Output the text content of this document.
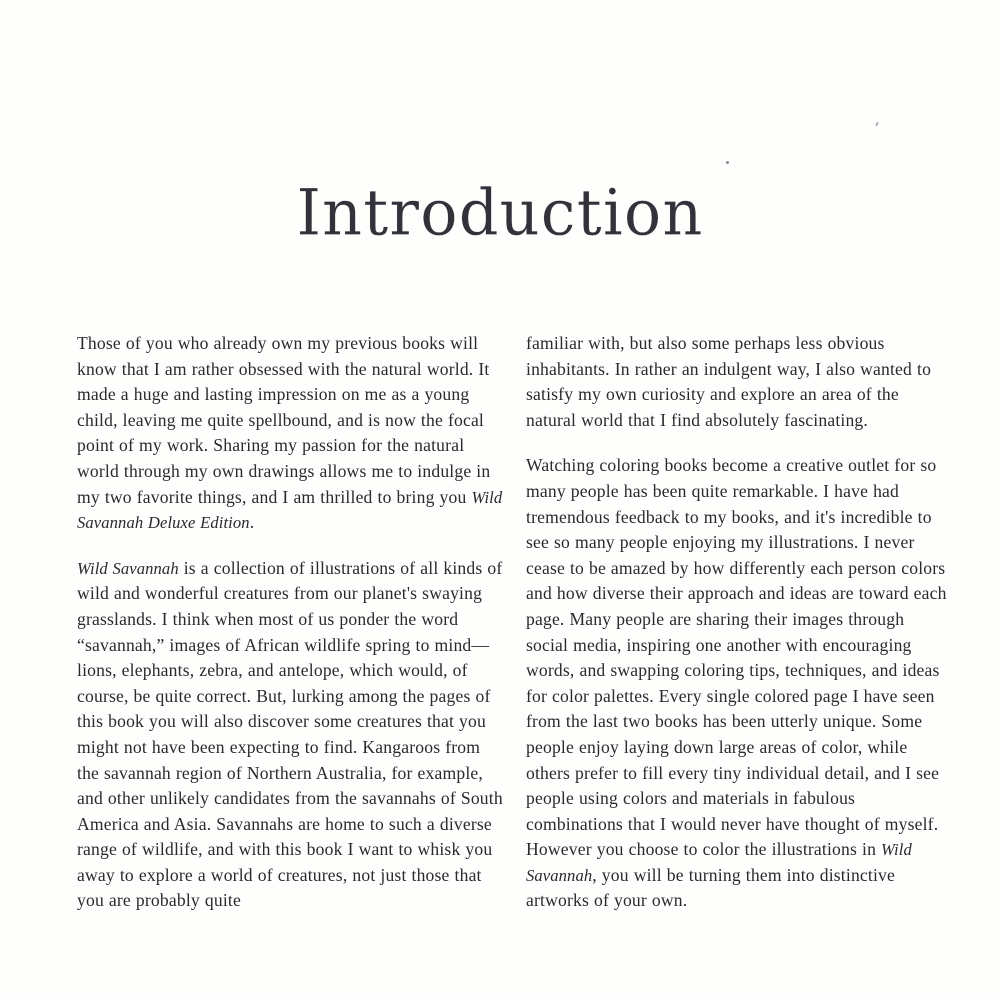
Introduction

Those of you who already own my previous books will know that I am rather obsessed with the natural world. It made a huge and lasting impression on me as a young child, leaving me quite spellbound, and is now the focal point of my work. Sharing my passion for the natural world through my own drawings allows me to indulge in my two favorite things, and I am thrilled to bring you Wild Savannah Deluxe Edition.

Wild Savannah is a collection of illustrations of all kinds of wild and wonderful creatures from our planet's swaying grasslands. I think when most of us ponder the word “savannah,” images of African wildlife spring to mind—lions, elephants, zebra, and antelope, which would, of course, be quite correct. But, lurking among the pages of this book you will also discover some creatures that you might not have been expecting to find. Kangaroos from the savannah region of Northern Australia, for example, and other unlikely candidates from the savannahs of South America and Asia. Savannahs are home to such a diverse range of wildlife, and with this book I want to whisk you away to explore a world of creatures, not just those that you are probably quite

familiar with, but also some perhaps less obvious inhabitants. In rather an indulgent way, I also wanted to satisfy my own curiosity and explore an area of the natural world that I find absolutely fascinating.

Watching coloring books become a creative outlet for so many people has been quite remarkable. I have had tremendous feedback to my books, and it's incredible to see so many people enjoying my illustrations. I never cease to be amazed by how differently each person colors and how diverse their approach and ideas are toward each page. Many people are sharing their images through social media, inspiring one another with encouraging words, and swapping coloring tips, techniques, and ideas for color palettes. Every single colored page I have seen from the last two books has been utterly unique. Some people enjoy laying down large areas of color, while others prefer to fill every tiny individual detail, and I see people using colors and materials in fabulous combinations that I would never have thought of myself. However you choose to color the illustrations in Wild Savannah, you will be turning them into distinctive artworks of your own.
